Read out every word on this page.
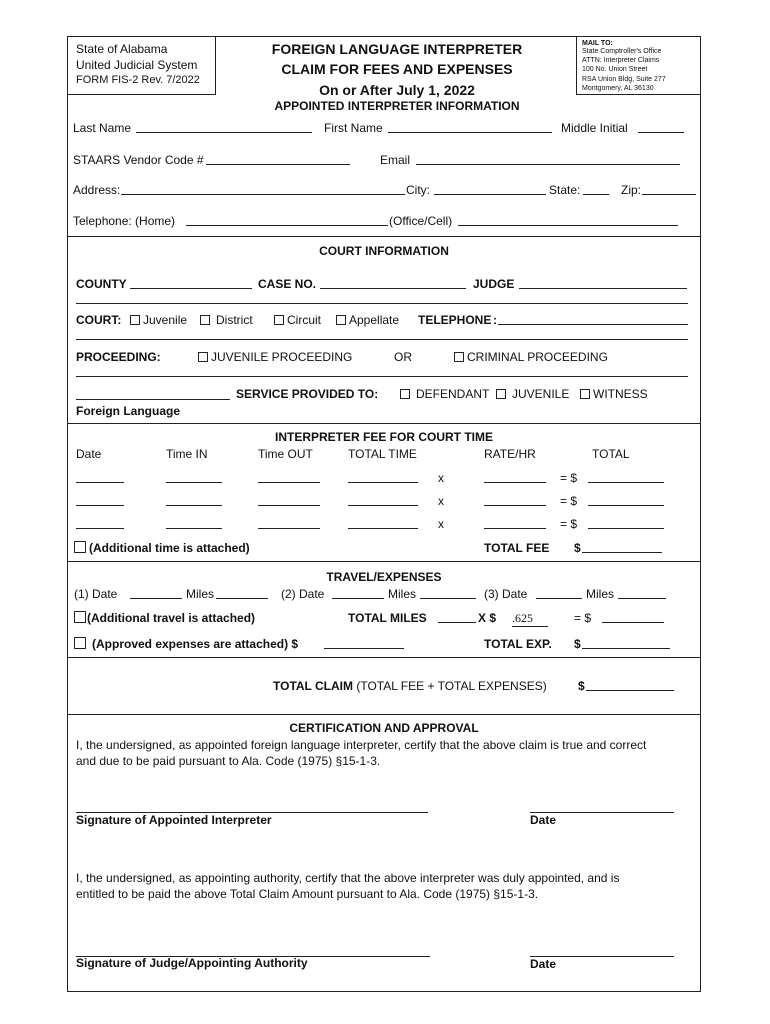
State of Alabama
United Judicial System
FORM FIS-2 Rev. 7/2022
FOREIGN LANGUAGE INTERPRETER
CLAIM FOR FEES AND EXPENSES
On or After July 1, 2022
MAIL TO:
State Comptroller's Office
ATTN: Interpreter Claims
100 No. Union Street
RSA Union Bldg, Suite 277
Montgomery, AL 36130
APPOINTED INTERPRETER INFORMATION
Last Name	First Name	Middle Initial
STAARS Vendor Code #	Email
Address:	City:	State:	Zip:
Telephone: (Home)	(Office/Cell)
COURT INFORMATION
COUNTY	CASE NO.	JUDGE
COURT:	Juvenile	District	Circuit	Appellate TELEPHONE :
PROCEEDING:	JUVENILE PROCEEDING	OR	CRIMINAL PROCEEDING
SERVICE PROVIDED TO:	DEFENDANT	JUVENILE	WITNESS
Foreign Language
INTERPRETER FEE FOR COURT TIME
Date	Time IN	Time OUT	TOTAL TIME	RATE/HR	TOTAL
x	= $
x	= $
x	= $
(Additional time is attached)	TOTAL FEE $
TRAVEL/EXPENSES
(1) Date	Miles	(2) Date	Miles	(3) Date	Miles
(Additional travel is attached)	TOTAL MILES	X $ .625	= $
(Approved expenses are attached) $	TOTAL EXP. $
TOTAL CLAIM (TOTAL FEE + TOTAL EXPENSES)	$
CERTIFICATION AND APPROVAL
I, the undersigned, as appointed foreign language interpreter, certify that the above claim is true and correct
and due to be paid pursuant to Ala. Code (1975) §15-1-3.
Signature of Appointed Interpreter	Date
I, the undersigned, as appointing authority, certify that the above interpreter was duly appointed, and is
entitled to be paid the above Total Claim Amount pursuant to Ala. Code (1975) §15-1-3.
Signature of Judge/Appointing Authority	Date
